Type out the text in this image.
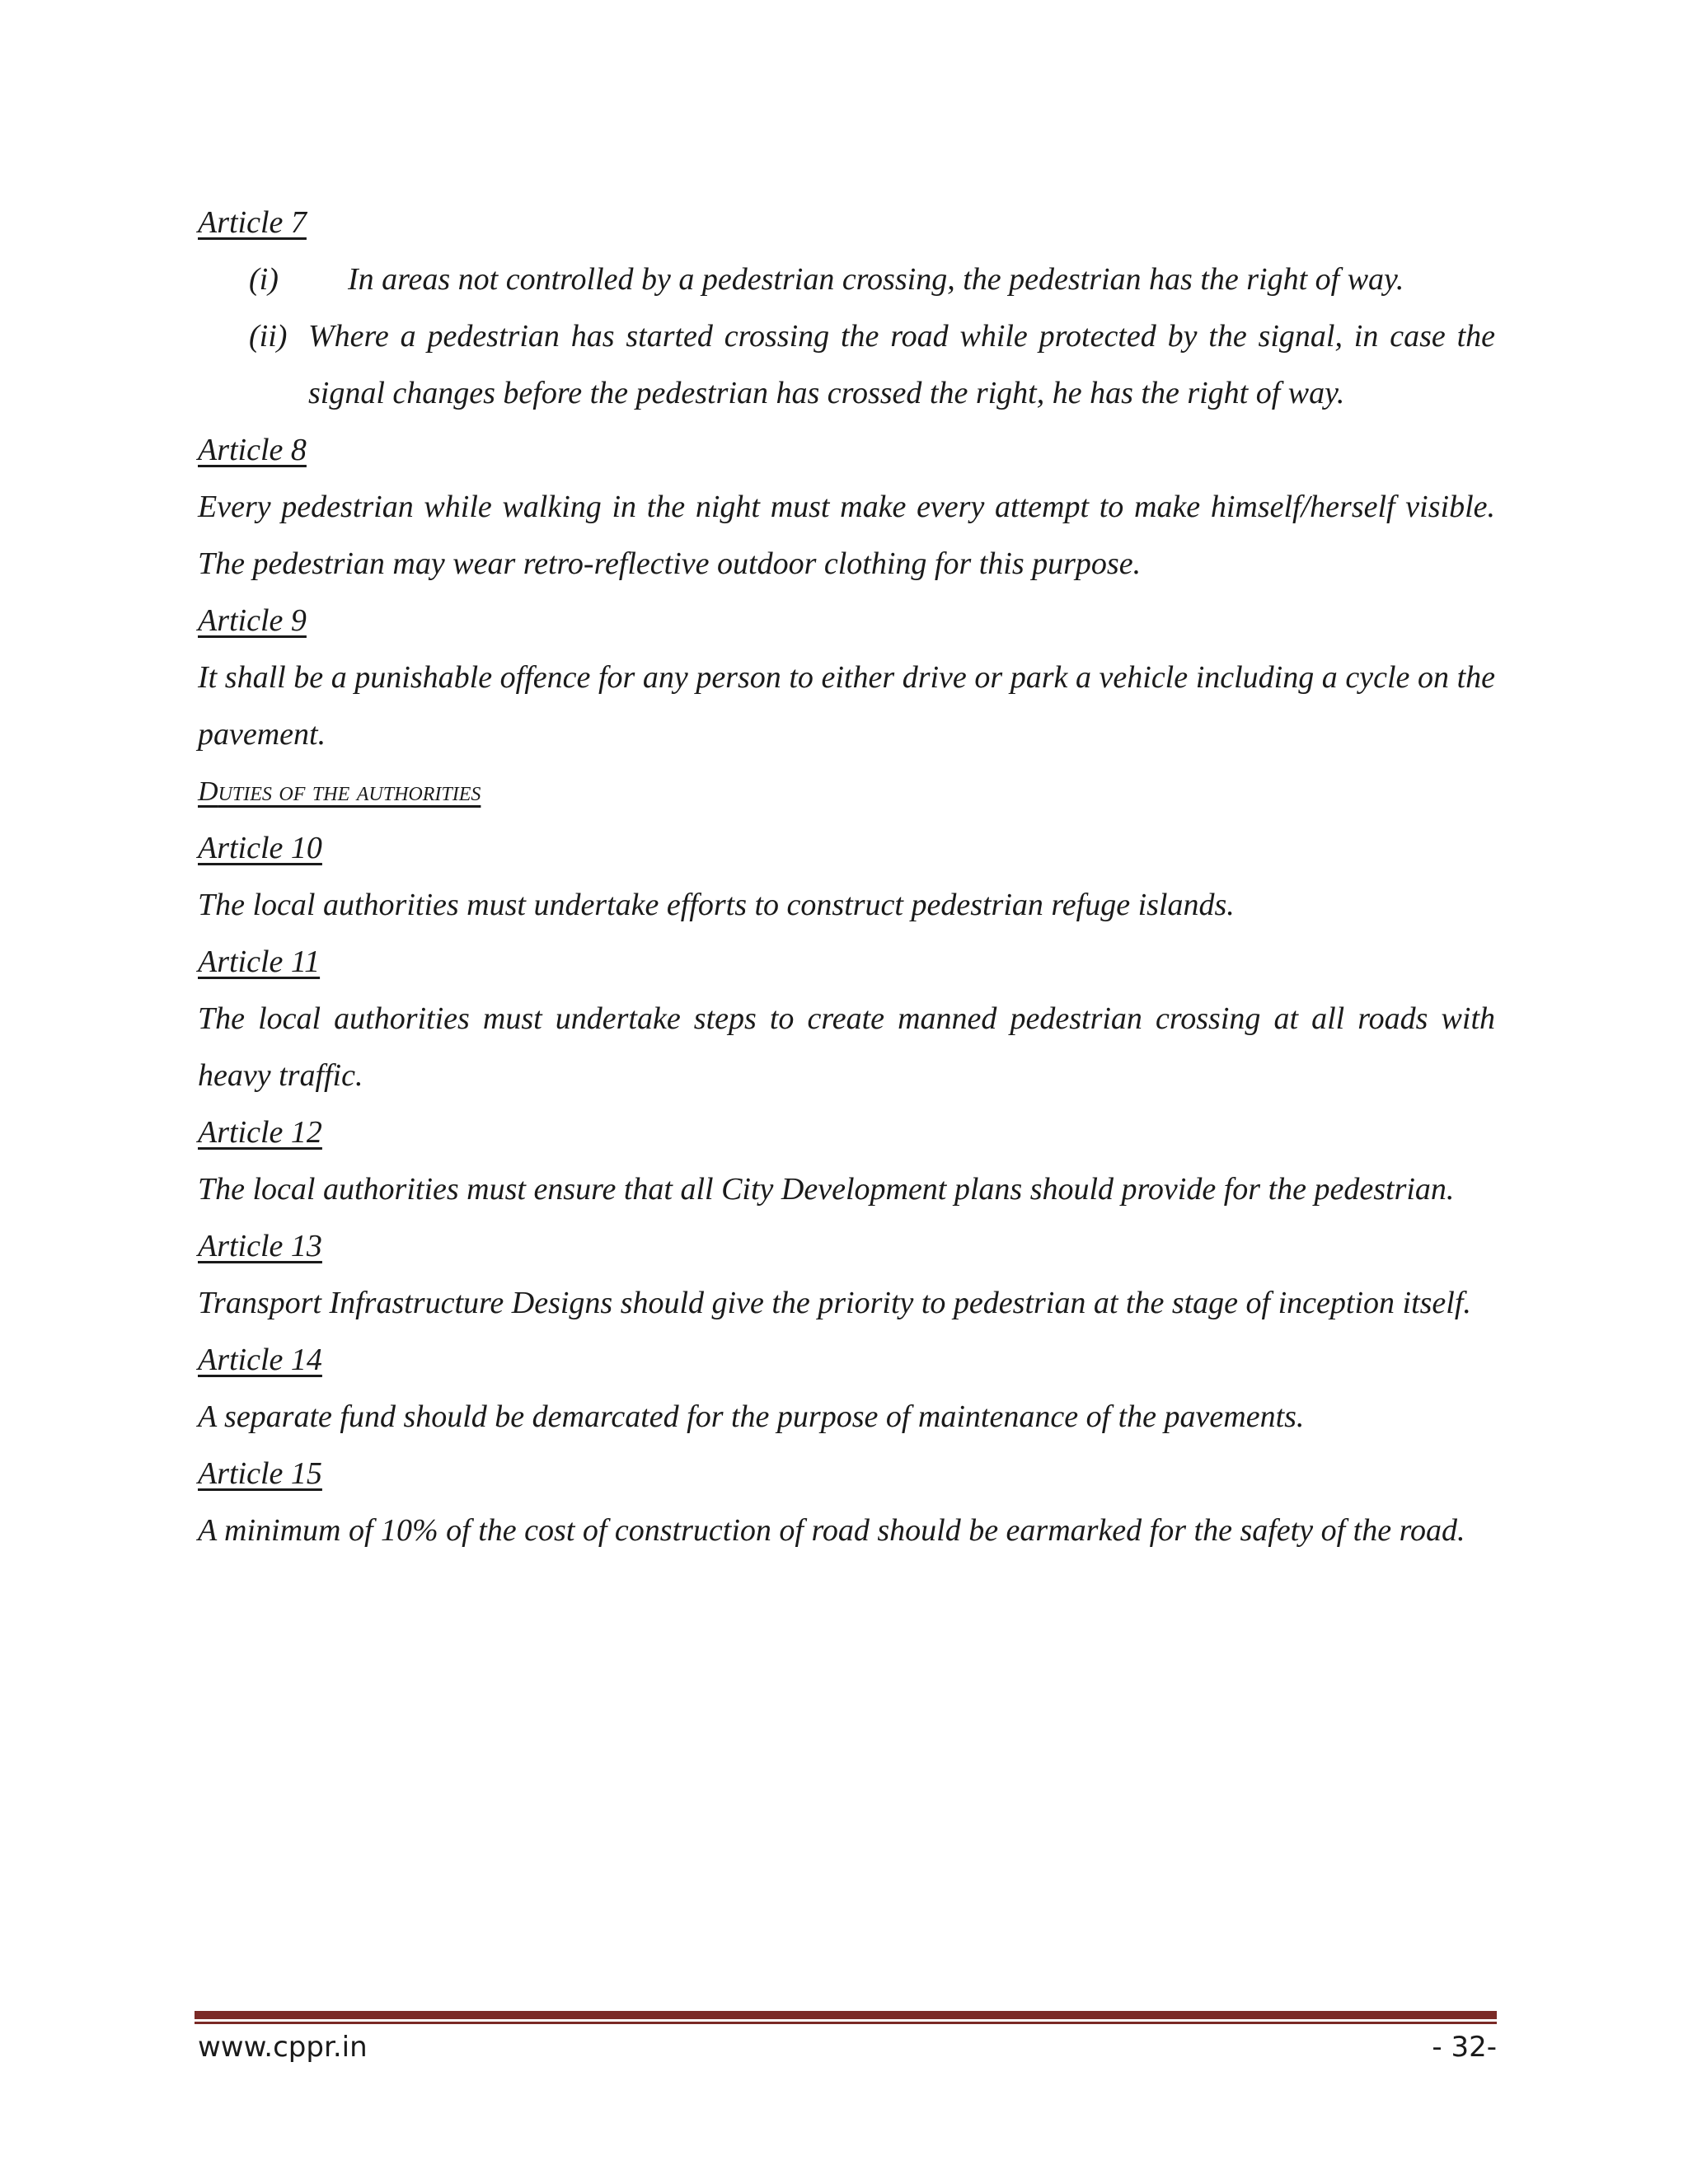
Article 7
(i)	In areas not controlled by a pedestrian crossing, the pedestrian has the right of way.
(ii) Where a pedestrian has started crossing the road while protected by the signal, in case the signal changes before the pedestrian has crossed the right, he has the right of way.
Article 8

Every pedestrian while walking in the night must make every attempt to make himself/herself visible. The pedestrian may wear retro-reflective outdoor clothing for this purpose.

Article 9

It shall be a punishable offence for any person to either drive or park a vehicle including a cycle on the pavement.

Duties of the authorities
Article 10

The local authorities must undertake efforts to construct pedestrian refuge islands.

Article 11

The local authorities must undertake steps to create manned pedestrian crossing at all roads with heavy traffic.

Article 12

The local authorities must ensure that all City Development plans should provide for the pedestrian.

Article 13

Transport Infrastructure Designs should give the priority to pedestrian at the stage of inception itself.

Article 14

A separate fund should be demarcated for the purpose of maintenance of the pavements.

Article 15

A minimum of 10% of the cost of construction of road should be earmarked for the safety of the road.

www.cppr.in	- 32-
